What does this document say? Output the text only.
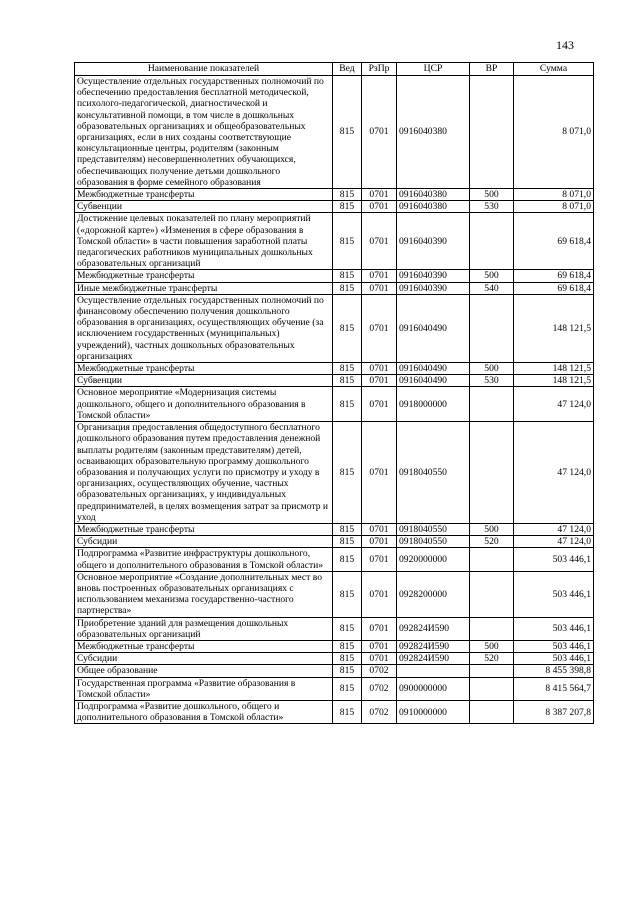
143
Наименование показателей	Вед	РзПр	ЦСР	ВР	Сумма
Осуществление отдельных государственных полномочий по обеспечению предоставления бесплатной методической, психолого-педагогической, диагностической и консультативной помощи, в том числе в дошкольных образовательных организациях и общеобразовательных организациях, если в них созданы соответствующие консультационные центры, родителям (законным представителям) несовершеннолетних обучающихся, обеспечивающих получение детьми дошкольного образования в форме семейного образования	815	0701	0916040380		8 071,0
Межбюджетные трансферты	815	0701	0916040380	500	8 071,0
Субвенции	815	0701	0916040380	530	8 071,0
Достижение целевых показателей по плану мероприятий («дорожной карте») «Изменения в сфере образования в Томской области» в части повышения заработной платы педагогических работников муниципальных дошкольных образовательных организаций	815	0701	0916040390		69 618,4
Межбюджетные трансферты	815	0701	0916040390	500	69 618,4
Иные межбюджетные трансферты	815	0701	0916040390	540	69 618,4
Осуществление отдельных государственных полномочий по финансовому обеспечению получения дошкольного образования в организациях, осуществляющих обучение (за исключением государственных (муниципальных) учреждений), частных дошкольных образовательных организациях	815	0701	0916040490		148 121,5
Межбюджетные трансферты	815	0701	0916040490	500	148 121,5
Субвенции	815	0701	0916040490	530	148 121,5
Основное мероприятие «Модернизация системы дошкольного, общего и дополнительного образования в Томской области»	815	0701	0918000000		47 124,0
Организация предоставления общедоступного бесплатного дошкольного образования путем предоставления денежной выплаты родителям (законным представителям) детей, осваивающих образовательную программу дошкольного образования и получающих услуги по присмотру и уходу в организациях, осуществляющих обучение, частных образовательных организациях, у индивидуальных предпринимателей, в целях возмещения затрат за присмотр и уход	815	0701	0918040550		47 124,0
Межбюджетные трансферты	815	0701	0918040550	500	47 124,0
Субсидии	815	0701	0918040550	520	47 124,0
Подпрограмма «Развитие инфраструктуры дошкольного, общего и дополнительного образования в Томской области»	815	0701	0920000000		503 446,1
Основное мероприятие «Создание дополнительных мест во вновь построенных образовательных организациях с использованием механизма государственно-частного партнерства»	815	0701	0928200000		503 446,1
Приобретение зданий для размещения дошкольных образовательных организаций	815	0701	092824И590		503 446,1
Межбюджетные трансферты	815	0701	092824И590	500	503 446,1
Субсидии	815	0701	092824И590	520	503 446,1
Общее образование	815	0702			8 455 398,8
Государственная программа «Развитие образования в Томской области»	815	0702	0900000000		8 415 564,7
Подпрограмма «Развитие дошкольного, общего и дополнительного образования в Томской области»	815	0702	0910000000		8 387 207,8
